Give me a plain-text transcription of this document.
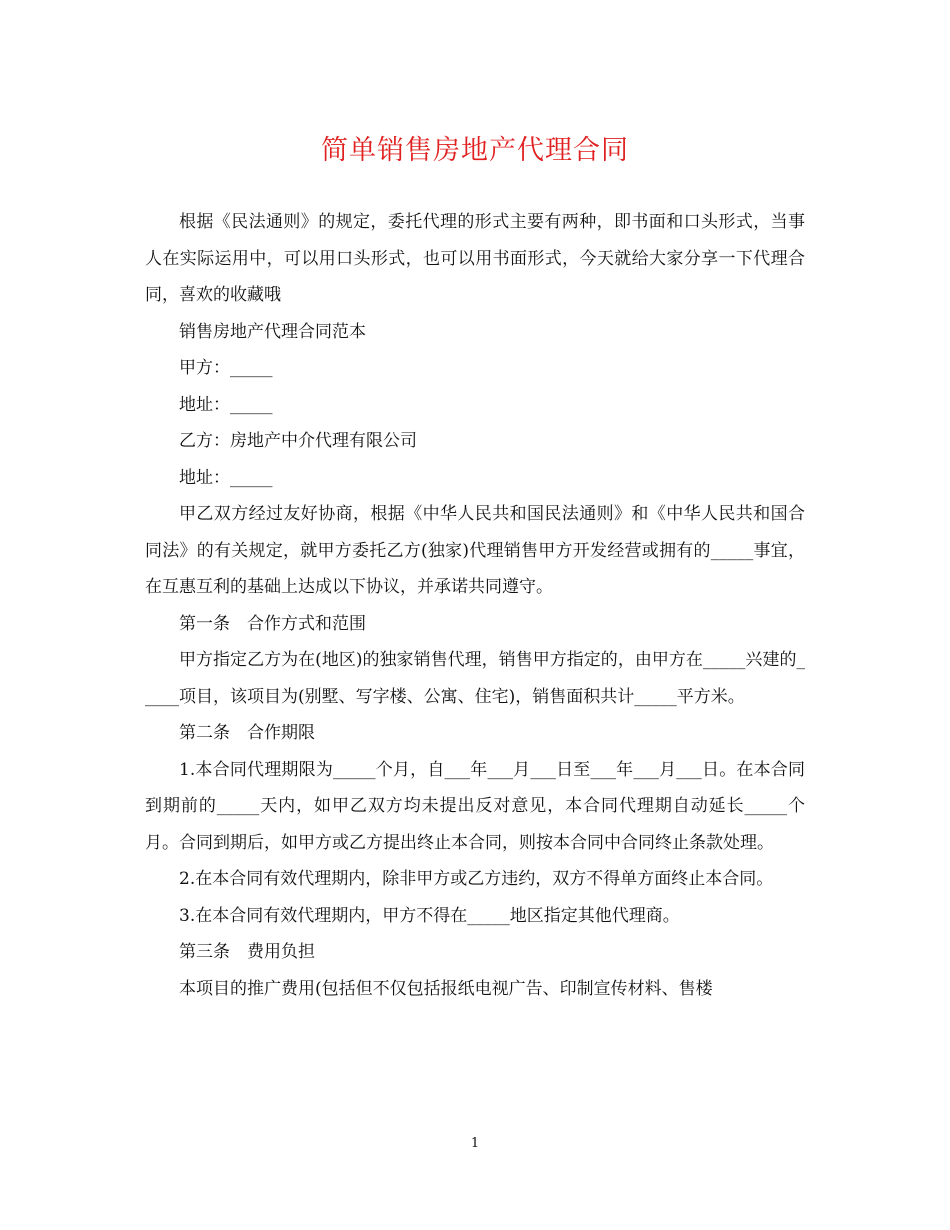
简单销售房地产代理合同

根据《民法通则》的规定，委托代理的形式主要有两种，即书面和口头形式，当事人在实际运用中，可以用口头形式，也可以用书面形式，今天就给大家分享一下代理合同，喜欢的收藏哦

销售房地产代理合同范本

甲方：_____

地址：_____

乙方：房地产中介代理有限公司

地址：_____

甲乙双方经过友好协商，根据《中华人民共和国民法通则》和《中华人民共和国合同法》的有关规定，就甲方委托乙方(独家)代理销售甲方开发经营或拥有的_____事宜，在互惠互利的基础上达成以下协议，并承诺共同遵守。

第一条　合作方式和范围

甲方指定乙方为在(地区)的独家销售代理，销售甲方指定的，由甲方在_____兴建的_____项目，该项目为(别墅、写字楼、公寓、住宅)，销售面积共计_____平方米。

第二条　合作期限

1.本合同代理期限为_____个月，自___年___月___日至___年___月___日。在本合同到期前的_____天内，如甲乙双方均未提出反对意见，本合同代理期自动延长_____个月。合同到期后，如甲方或乙方提出终止本合同，则按本合同中合同终止条款处理。

2.在本合同有效代理期内，除非甲方或乙方违约，双方不得单方面终止本合同。

3.在本合同有效代理期内，甲方不得在_____地区指定其他代理商。

第三条　费用负担

本项目的推广费用(包括但不仅包括报纸电视广告、印制宣传材料、售楼

1
